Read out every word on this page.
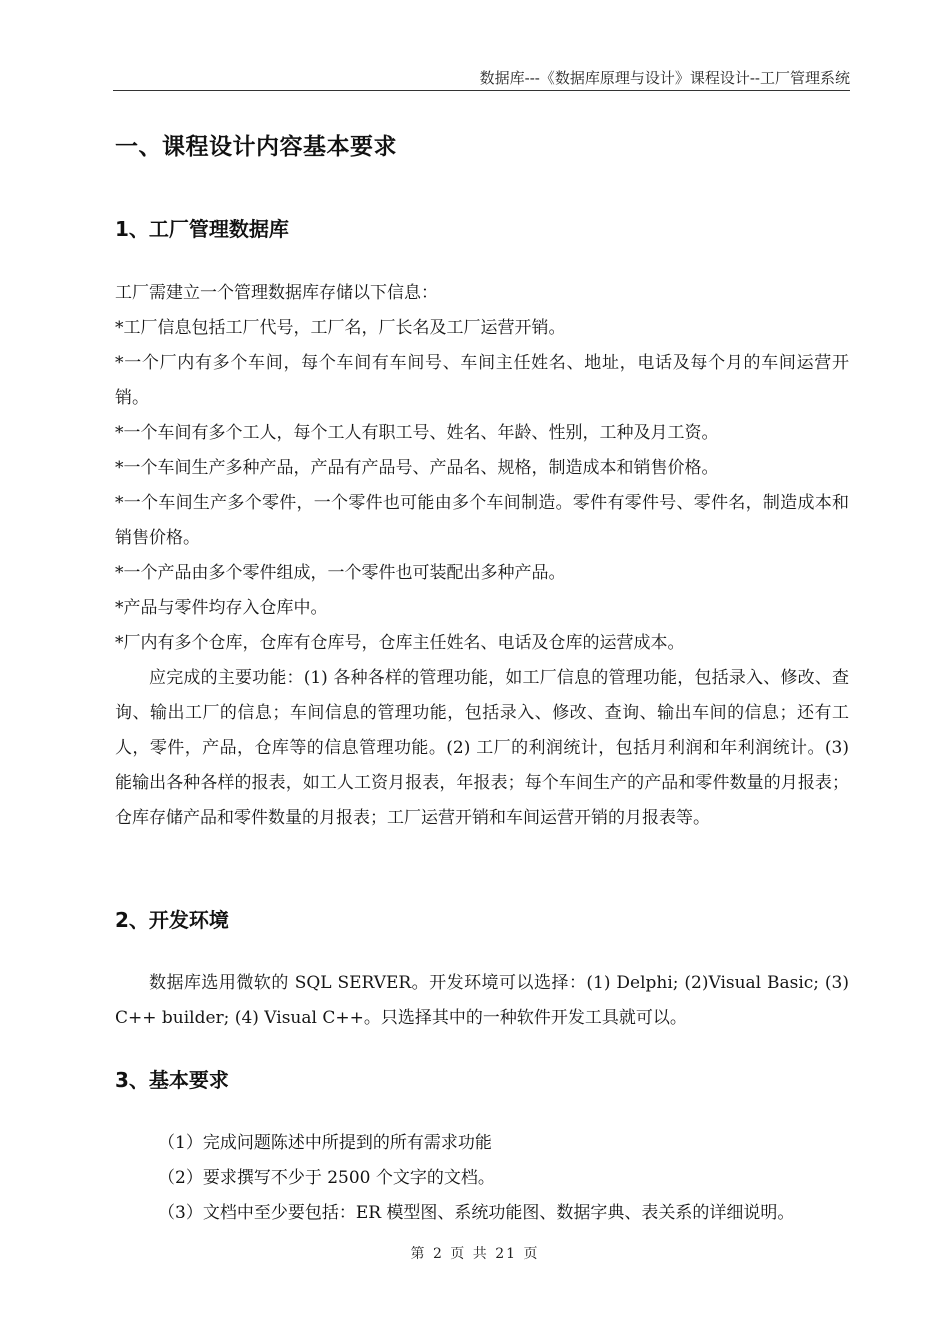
数据库---《数据库原理与设计》课程设计--工厂管理系统
一、课程设计内容基本要求
1、工厂管理数据库

工厂需建立一个管理数据库存储以下信息：

*工厂信息包括工厂代号，工厂名，厂长名及工厂运营开销。

*一个厂内有多个车间，每个车间有车间号、车间主任姓名、地址，电话及每个月的车间运营开销。

*一个车间有多个工人，每个工人有职工号、姓名、年龄、性别，工种及月工资。

*一个车间生产多种产品，产品有产品号、产品名、规格，制造成本和销售价格。

*一个车间生产多个零件，一个零件也可能由多个车间制造。零件有零件号、零件名，制造成本和销售价格。

*一个产品由多个零件组成，一个零件也可装配出多种产品。

*产品与零件均存入仓库中。

*厂内有多个仓库，仓库有仓库号，仓库主任姓名、电话及仓库的运营成本。

应完成的主要功能：(1) 各种各样的管理功能，如工厂信息的管理功能，包括录入、修改、查询、输出工厂的信息；车间信息的管理功能，包括录入、修改、查询、输出车间的信息；还有工人，零件，产品，仓库等的信息管理功能。(2) 工厂的利润统计，包括月利润和年利润统计。(3) 能输出各种各样的报表，如工人工资月报表，年报表；每个车间生产的产品和零件数量的月报表；仓库存储产品和零件数量的月报表；工厂运营开销和车间运营开销的月报表等。

2、开发环境

数据库选用微软的 SQL SERVER。开发环境可以选择：(1) Delphi; (2)Visual Basic; (3) C++ builder; (4) Visual C++。只选择其中的一种软件开发工具就可以。

3、基本要求

（1）完成问题陈述中所提到的所有需求功能

（2）要求撰写不少于 2500 个文字的文档。

（3）文档中至少要包括：ER 模型图、系统功能图、数据字典、表关系的详细说明。

第 2 页 共 21 页
